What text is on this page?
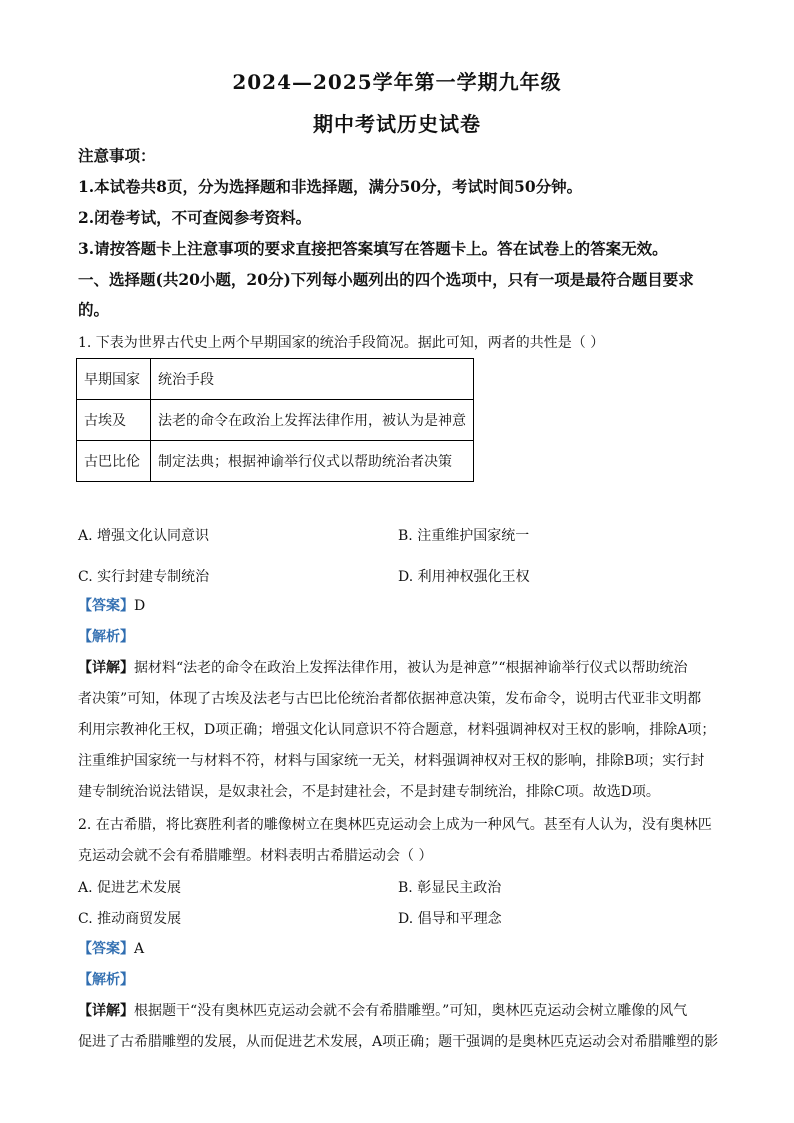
2024—2025学年第一学期九年级
期中考试历史试卷
注意事项：
1.本试卷共8页，分为选择题和非选择题，满分50分，考试时间50分钟。
2.闭卷考试，不可查阅参考资料。
3.请按答题卡上注意事项的要求直接把答案填写在答题卡上。答在试卷上的答案无效。
一、选择题(共20小题，20分)下列每小题列出的四个选项中，只有一项是最符合题目要求
的。
1. 下表为世界古代史上两个早期国家的统治手段简况。据此可知，两者的共性是（ ）
早期国家	统治手段
古埃及	法老的命令在政治上发挥法律作用，被认为是神意
古巴比伦	制定法典；根据神谕举行仪式以帮助统治者决策
A. 增强文化认同意识	B. 注重维护国家统一
C. 实行封建专制统治	D. 利用神权强化王权
【答案】D
【解析】
【详解】据材料“法老的命令在政治上发挥法律作用，被认为是神意”“根据神谕举行仪式以帮助统治
者决策”可知，体现了古埃及法老与古巴比伦统治者都依据神意决策，发布命令，说明古代亚非文明都
利用宗教神化王权，D项正确；增强文化认同意识不符合题意，材料强调神权对王权的影响，排除A项；
注重维护国家统一与材料不符，材料与国家统一无关，材料强调神权对王权的影响，排除B项；实行封
建专制统治说法错误，是奴隶社会，不是封建社会，不是封建专制统治，排除C项。故选D项。
2. 在古希腊，将比赛胜利者的雕像树立在奥林匹克运动会上成为一种风气。甚至有人认为，没有奥林匹
克运动会就不会有希腊雕塑。材料表明古希腊运动会（ ）
A. 促进艺术发展	B. 彰显民主政治
C. 推动商贸发展	D. 倡导和平理念
【答案】A
【解析】
【详解】根据题干“没有奥林匹克运动会就不会有希腊雕塑。”可知，奥林匹克运动会树立雕像的风气
促进了古希腊雕塑的发展，从而促进艺术发展，A项正确；题干强调的是奥林匹克运动会对希腊雕塑的影
